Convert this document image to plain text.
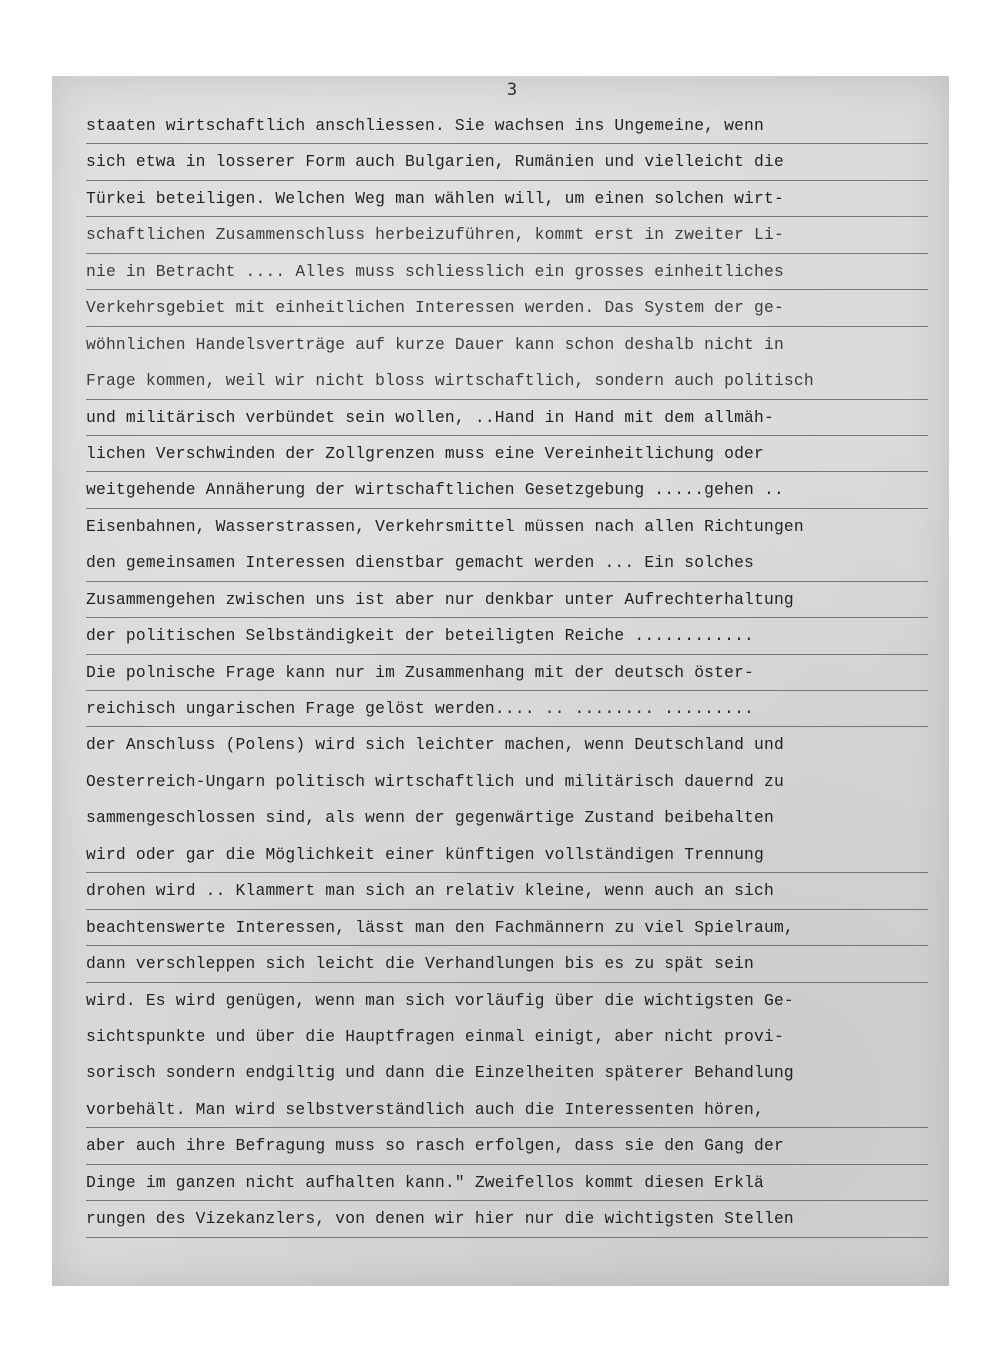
3
staaten wirtschaftlich anschliessen. Sie wachsen ins Ungemeine, wenn
sich etwa in losserer Form auch Bulgarien, Rumänien und vielleicht die
Türkei beteiligen. Welchen Weg man wählen will, um einen solchen wirt-
schaftlichen Zusammenschluss herbeizuführen, kommt erst in zweiter Li-
nie in Betracht .... Alles muss schliesslich ein grosses einheitliches
Verkehrsgebiet mit einheitlichen Interessen werden. Das System der ge-
wöhnlichen Handelsverträge auf kurze Dauer kann schon deshalb nicht in
Frage kommen, weil wir nicht bloss wirtschaftlich, sondern auch politisch
und militärisch verbündet sein wollen, ..Hand in Hand mit dem allmäh-
lichen Verschwinden der Zollgrenzen muss eine Vereinheitlichung oder
weitgehende Annäherung der wirtschaftlichen Gesetzgebung .....gehen ..
Eisenbahnen, Wasserstrassen, Verkehrsmittel müssen nach allen Richtungen
den gemeinsamen Interessen dienstbar gemacht werden ... Ein solches
Zusammengehen zwischen uns ist aber nur denkbar unter Aufrechterhaltung
der politischen Selbständigkeit der beteiligten Reiche ............
Die polnische Frage kann nur im Zusammenhang mit der deutsch öster-
reichisch ungarischen Frage gelöst werden.... .. ........ .........
der Anschluss (Polens) wird sich leichter machen, wenn Deutschland und
Oesterreich-Ungarn politisch wirtschaftlich und militärisch dauernd zu
sammengeschlossen sind, als wenn der gegenwärtige Zustand beibehalten
wird oder gar die Möglichkeit einer künftigen vollständigen Trennung
drohen wird .. Klammert man sich an relativ kleine, wenn auch an sich
beachtenswerte Interessen, lässt man den Fachmännern zu viel Spielraum,
dann verschleppen sich leicht die Verhandlungen bis es zu spät sein
wird. Es wird genügen, wenn man sich vorläufig über die wichtigsten Ge-
sichtspunkte und über die Hauptfragen einmal einigt, aber nicht provi-
sorisch sondern endgiltig und dann die Einzelheiten späterer Behandlung
vorbehält. Man wird selbstverständlich auch die Interessenten hören,
aber auch ihre Befragung muss so rasch erfolgen, dass sie den Gang der
Dinge im ganzen nicht aufhalten kann." Zweifellos kommt diesen Erklä
rungen des Vizekanzlers, von denen wir hier nur die wichtigsten Stellen
